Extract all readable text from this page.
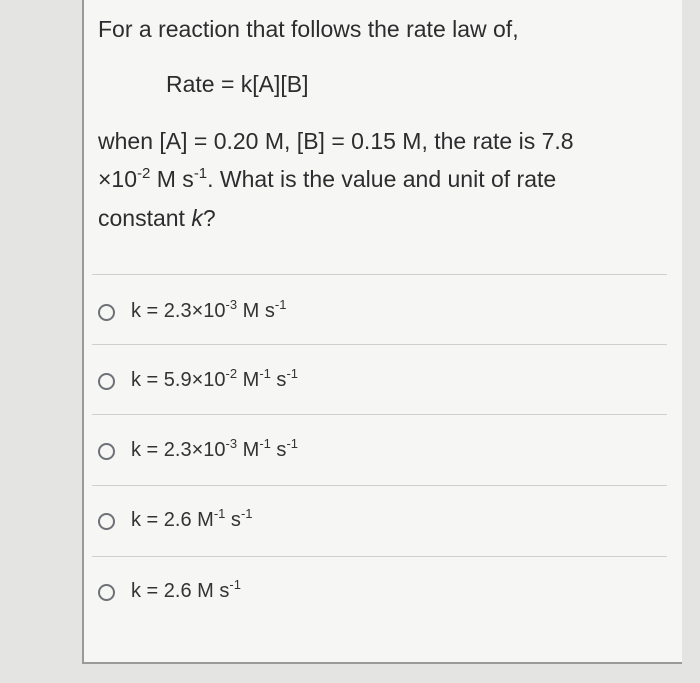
For a reaction that follows the rate law of,
Rate = k[A][B]
when [A] = 0.20 M, [B] = 0.15 M, the rate is 7.8
$\times 10^{-2}$ M $s^{-1}$. What is the value and unit of rate
constant k?
$k = 2.3\times 10^{-3}$ M $s^{-1}$
$k = 5.9\times 10^{-2}$ $M^{-1}$ $s^{-1}$
$k = 2.3\times 10^{-3}$ $M^{-1}$ $s^{-1}$
k = 2.6 $M^{-1}$ $s^{-1}$
k = 2.6 M $s^{-1}$
